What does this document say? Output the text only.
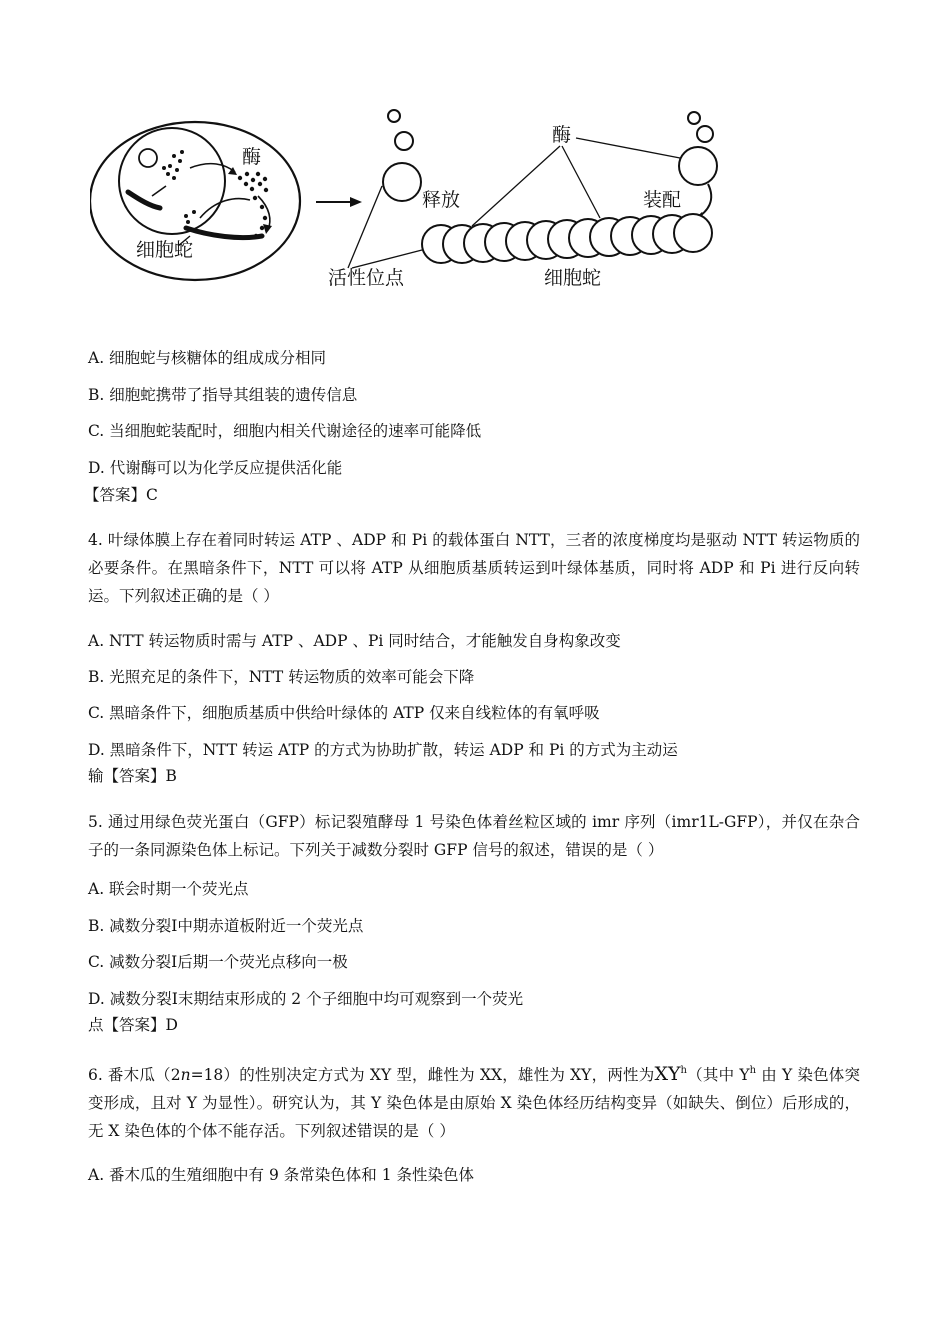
酶
细胞蛇
释放	装配
酶
活性位点	细胞蛇
A. 细胞蛇与核糖体的组成成分相同
B. 细胞蛇携带了指导其组装的遗传信息
C. 当细胞蛇装配时，细胞内相关代谢途径的速率可能降低
D. 代谢酶可以为化学反应提供活化能
【答案】C
4. 叶绿体膜上存在着同时转运 ATP 、ADP 和 Pi 的载体蛋白 NTT，三者的浓度梯度均是驱动 NTT 转运物质的必要条件。在黑暗条件下，NTT 可以将 ATP 从细胞质基质转运到叶绿体基质，同时将 ADP 和 Pi 进行反向转运。下列叙述正确的是（ ）
A. NTT 转运物质时需与 ATP 、ADP 、Pi 同时结合，才能触发自身构象改变
B. 光照充足的条件下，NTT 转运物质的效率可能会下降
C. 黑暗条件下，细胞质基质中供给叶绿体的 ATP 仅来自线粒体的有氧呼吸
D. 黑暗条件下，NTT 转运 ATP 的方式为协助扩散，转运 ADP 和 Pi 的方式为主动运
输【答案】B
5. 通过用绿色荧光蛋白（GFP）标记裂殖酵母 1 号染色体着丝粒区域的 imr 序列（imr1L-GFP），并仅在杂合子的一条同源染色体上标记。下列关于减数分裂时 GFP 信号的叙述，错误的是（ ）
A. 联会时期一个荧光点
B. 减数分裂I中期赤道板附近一个荧光点
C. 减数分裂I后期一个荧光点移向一极
D. 减数分裂I末期结束形成的 2 个子细胞中均可观察到一个荧光
点【答案】D
6. 番木瓜（2n=18）的性别决定方式为 XY 型，雌性为 XX，雄性为 XY，两性为$XY^h$（其中 $Y^h$ 由 Y 染色体突变形成，且对 Y 为显性）。研究认为，其 Y 染色体是由原始 X 染色体经历结构变异（如缺失、倒位）后形成的，无 X 染色体的个体不能存活。下列叙述错误的是（ ）
A. 番木瓜的生殖细胞中有 9 条常染色体和 1 条性染色体
